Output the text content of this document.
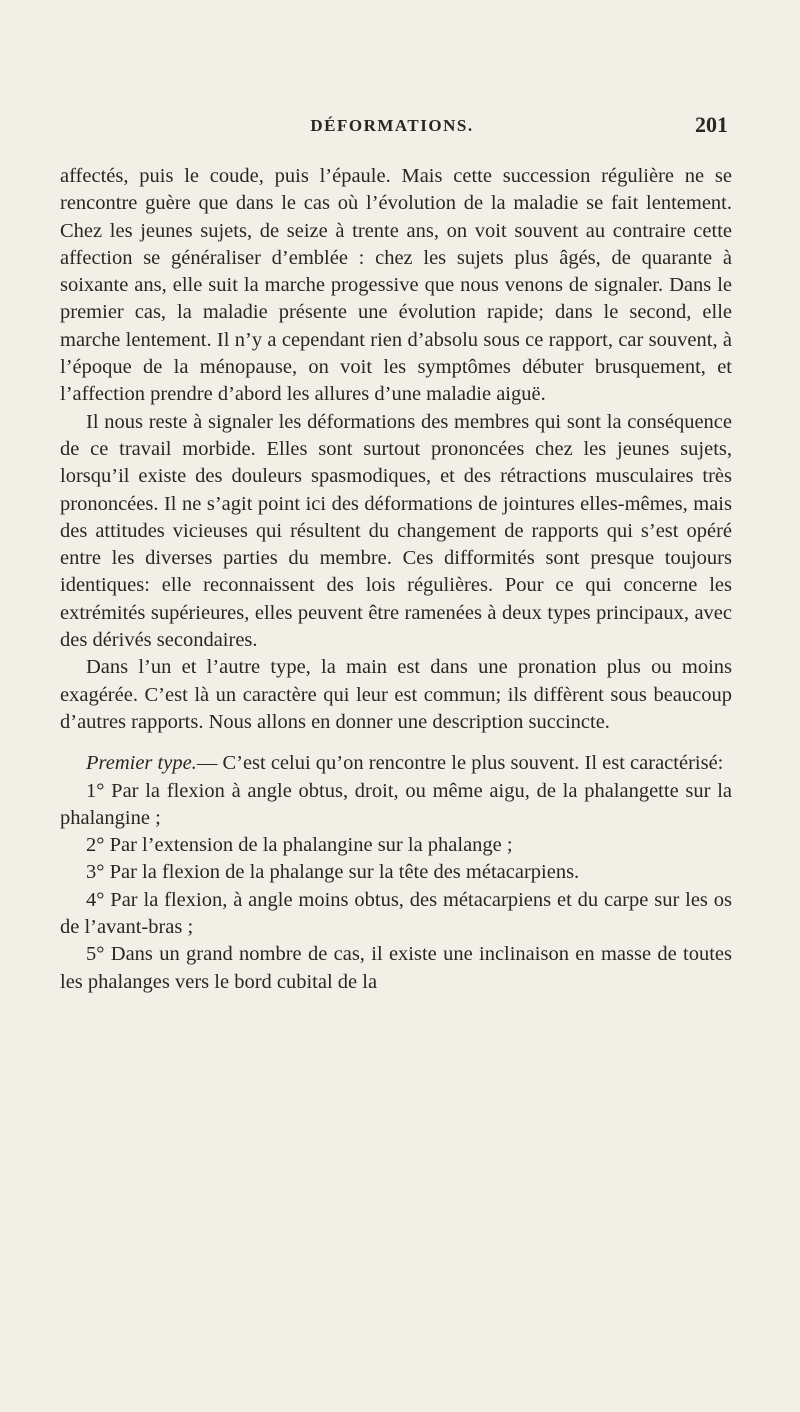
DÉFORMATIONS.	201

affectés, puis le coude, puis l’épaule. Mais cette succession régulière ne se rencontre guère que dans le cas où l’évolution de la maladie se fait lentement. Chez les jeunes sujets, de seize à trente ans, on voit souvent au contraire cette affection se généraliser d’emblée : chez les sujets plus âgés, de quarante à soixante ans, elle suit la marche progessive que nous venons de signaler. Dans le premier cas, la maladie présente une évolution rapide; dans le second, elle marche lentement. Il n’y a cependant rien d’absolu sous ce rapport, car souvent, à l’époque de la ménopause, on voit les symptômes débuter brusquement, et l’affection prendre d’abord les allures d’une maladie aiguë.

Il nous reste à signaler les déformations des membres qui sont la conséquence de ce travail morbide. Elles sont surtout prononcées chez les jeunes sujets, lorsqu’il existe des douleurs spasmodiques, et des rétractions musculaires très prononcées. Il ne s’agit point ici des déformations de jointures elles-mêmes, mais des attitudes vicieuses qui résultent du changement de rapports qui s’est opéré entre les diverses parties du membre. Ces difformités sont presque toujours identiques: elle reconnaissent des lois régulières. Pour ce qui concerne les extrémités supérieures, elles peuvent être ramenées à deux types principaux, avec des dérivés secondaires.

Dans l’un et l’autre type, la main est dans une pronation plus ou moins exagérée. C’est là un caractère qui leur est commun; ils diffèrent sous beaucoup d’autres rapports. Nous allons en donner une description succincte.

Premier type.— C’est celui qu’on rencontre le plus souvent. Il est caractérisé:

1° Par la flexion à angle obtus, droit, ou même aigu, de la phalangette sur la phalangine ;

2° Par l’extension de la phalangine sur la phalange ;

3° Par la flexion de la phalange sur la tête des métacarpiens.

4° Par la flexion, à angle moins obtus, des métacarpiens et du carpe sur les os de l’avant-bras ;

5° Dans un grand nombre de cas, il existe une inclinaison en masse de toutes les phalanges vers le bord cubital de la
